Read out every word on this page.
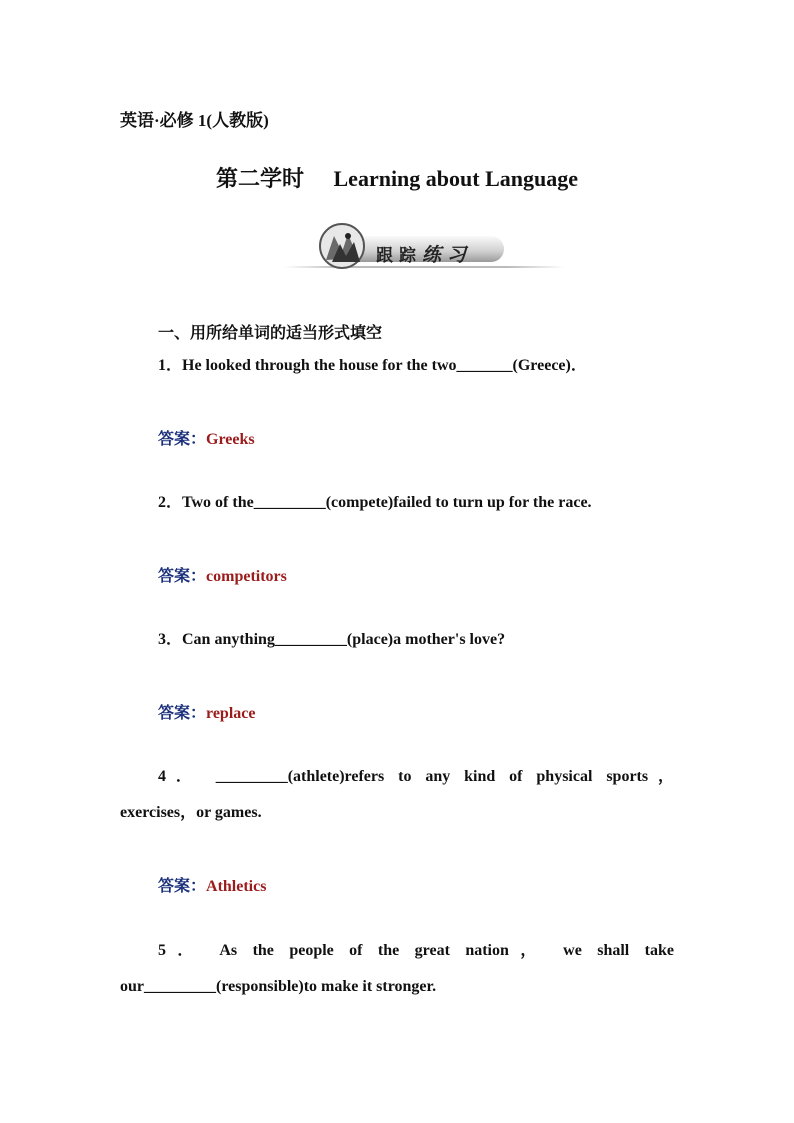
英语·必修 1(人教版)
第二学时 Learning about Language
跟踪练习
一、用所给单词的适当形式填空
1．He looked through the house for the two_______(Greece)．
答案：Greeks
2．Two of the_________(compete)failed to turn up for the race.
答案：competitors
3．Can anything_________(place)a mother's love?
答案：replace
4． _________(athlete)refers to any kind of physical sports，
exercises，or games.
答案：Athletics
5． As the people of the great nation， we shall take
our_________(responsible)to make it stronger.
